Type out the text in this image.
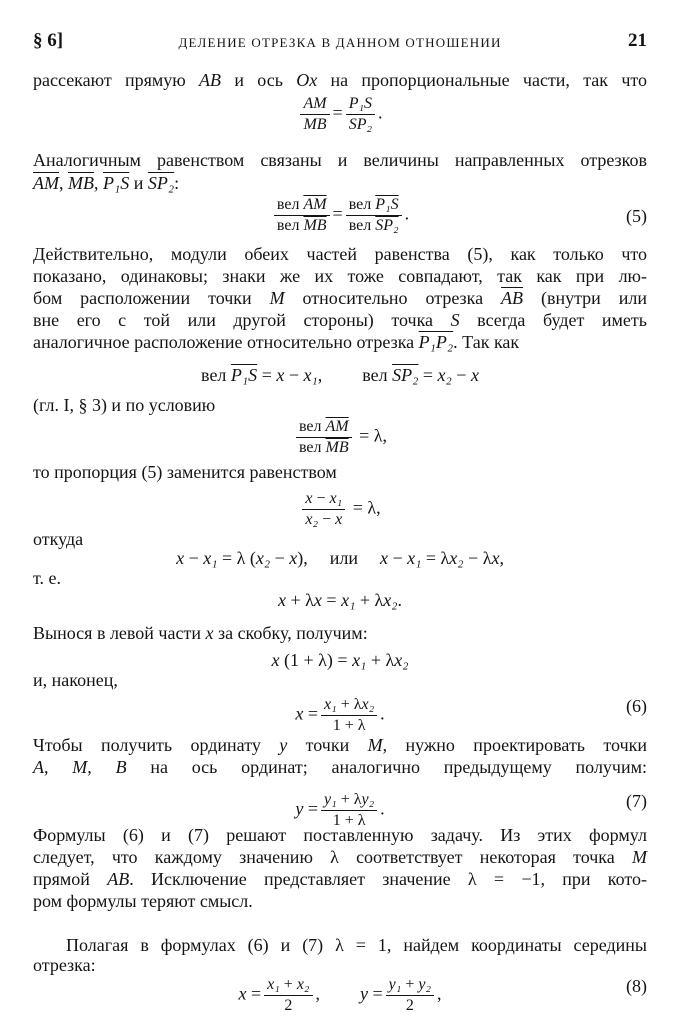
§ 6]	ДЕЛЕНИЕ ОТРЕЗКА В ДАННОМ ОТНОШЕНИИ	21
рассекают прямую AB и ось Ox на пропорциональные части, так что
$\frac{AM}{MB} = \frac{\text{P₁S}}{\text{SP₂}}$ .
Аналогичным равенством связаны и величины направленных отрезков
$\overline{AM}$, $\overline{MB}$, P₁S и SP₂:
$\frac{вел \overline{AM}}{вел \overline{MB}} = \frac{\text{вел P₁S}}{\text{вел SP₂}}$ .	(5)
Действительно, модули обеих частей равенства (5), как только что
показано, одинаковы; знаки же их тоже совпадают, так как при лю-
бом расположении точки M относительно отрезка $\overline{AB}$ (внутри или
вне его с той или другой стороны) точка S всегда будет иметь
аналогичное расположение относительно отрезка P₁P₂. Так как
вел P₁S = x − x₁, вел SP₂ = x₂ − x
(гл. I, § 3) и по условию
$\frac{вел \overline{AM}}{вел \overline{MB}} = \lambda$,
то пропорция (5) заменится равенством
$\frac{\text{x − x₁}}{\text{x₂ − x}} = \lambda$,
откуда
x − x₁ = λ (x₂ − x), или x − x₁ = λx₂ − λx,
т. е.
x + λx = x₁ + λx₂.
Вынося в левой части x за скобку, получим:
x (1 + λ) = x₁ + λx₂
и, наконец,
$x = \frac{\text{x₁ + λx₂}}{1 + \lambda}$ .	(6)
Чтобы получить ординату y точки M, нужно проектировать точки
A, M, B на ось ординат; аналогично предыдущему получим:
$y = \frac{\text{y₁ + λy₂}}{1 + \lambda}$ .	(7)
Формулы (6) и (7) решают поставленную задачу. Из этих формул
следует, что каждому значению λ соответствует некоторая точка M
прямой AB. Исключение представляет значение λ = −1, при кото-
ром формулы теряют смысл.
Полагая в формулах (6) и (7) λ = 1, найдем координаты середины
отрезка:
$x = \frac{\text{x₁ + x₂}}{2}$ , $y = \frac{\text{y₁ + y₂}}{2}$ ,	(8)
